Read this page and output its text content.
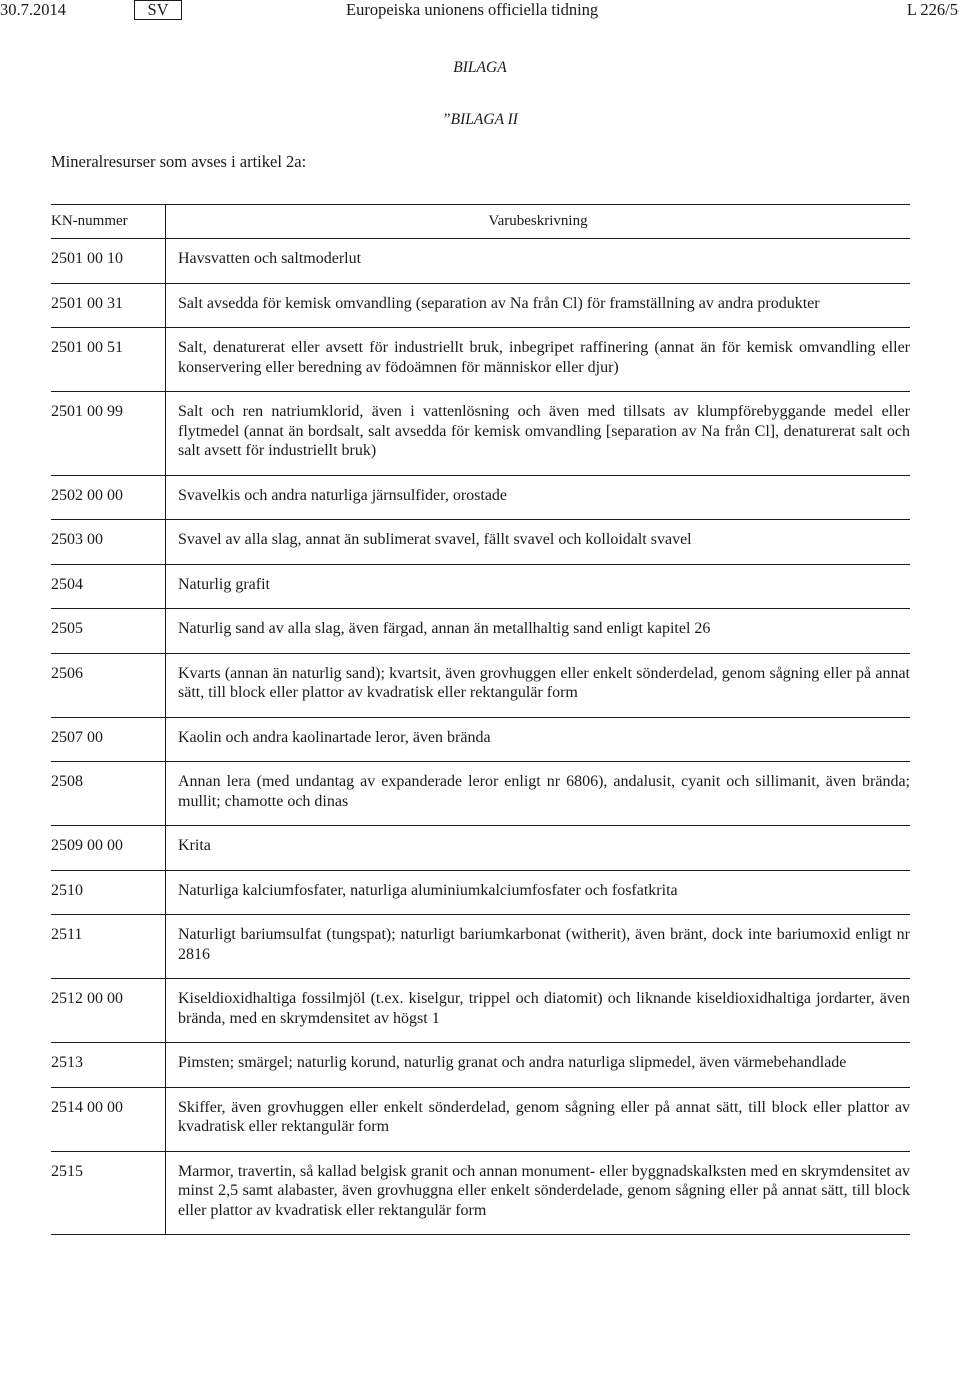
30.7.2014	SV	Europeiska unionens officiella tidning	L 226/5
BILAGA
”BILAGA II
Mineralresurser som avses i artikel 2a:
KN-nummer	Varubeskrivning
2501 00 10	Havsvatten och saltmoderlut

2501 00 31	Salt avsedda för kemisk omvandling (separation av Na från Cl) för framställning av andra produkter

2501 00 51	Salt, denaturerat eller avsett för industriellt bruk, inbegripet raffinering (annat än för kemisk omvandling eller konservering eller beredning av födoämnen för människor eller djur)

2501 00 99	Salt och ren natriumklorid, även i vattenlösning och även med tillsats av klumpförebyggande medel eller flytmedel (annat än bordsalt, salt avsedda för kemisk omvandling [separation av Na från Cl], denaturerat salt och salt avsett för industriellt bruk)

2502 00 00	Svavelkis och andra naturliga järnsulfider, orostade

2503 00	Svavel av alla slag, annat än sublimerat svavel, fällt svavel och kolloidalt svavel

2504	Naturlig grafit

2505	Naturlig sand av alla slag, även färgad, annan än metallhaltig sand enligt kapitel 26

2506	Kvarts (annan än naturlig sand); kvartsit, även grovhuggen eller enkelt sönderdelad, genom sågning eller på annat sätt, till block eller plattor av kvadratisk eller rektangulär form

2507 00	Kaolin och andra kaolinartade leror, även brända

2508	Annan lera (med undantag av expanderade leror enligt nr 6806), andalusit, cyanit och sillimanit, även brända; mullit; chamotte och dinas

2509 00 00	Krita

2510	Naturliga kalciumfosfater, naturliga aluminiumkalciumfosfater och fosfatkrita

2511	Naturligt bariumsulfat (tungspat); naturligt bariumkarbonat (witherit), även bränt, dock inte bariumoxid enligt nr 2816

2512 00 00	Kiseldioxidhaltiga fossilmjöl (t.ex. kiselgur, trippel och diatomit) och liknande kiseldioxidhaltiga jordarter, även brända, med en skrymdensitet av högst 1

2513	Pimsten; smärgel; naturlig korund, naturlig granat och andra naturliga slipmedel, även värmebehandlade

2514 00 00	Skiffer, även grovhuggen eller enkelt sönderdelad, genom sågning eller på annat sätt, till block eller plattor av kvadratisk eller rektangulär form

2515	Marmor, travertin, så kallad belgisk granit och annan monument- eller byggnadskalksten med en skrymdensitet av minst 2,5 samt alabaster, även grovhuggna eller enkelt sönderdelade, genom sågning eller på annat sätt, till block eller plattor av kvadratisk eller rektangulär form
